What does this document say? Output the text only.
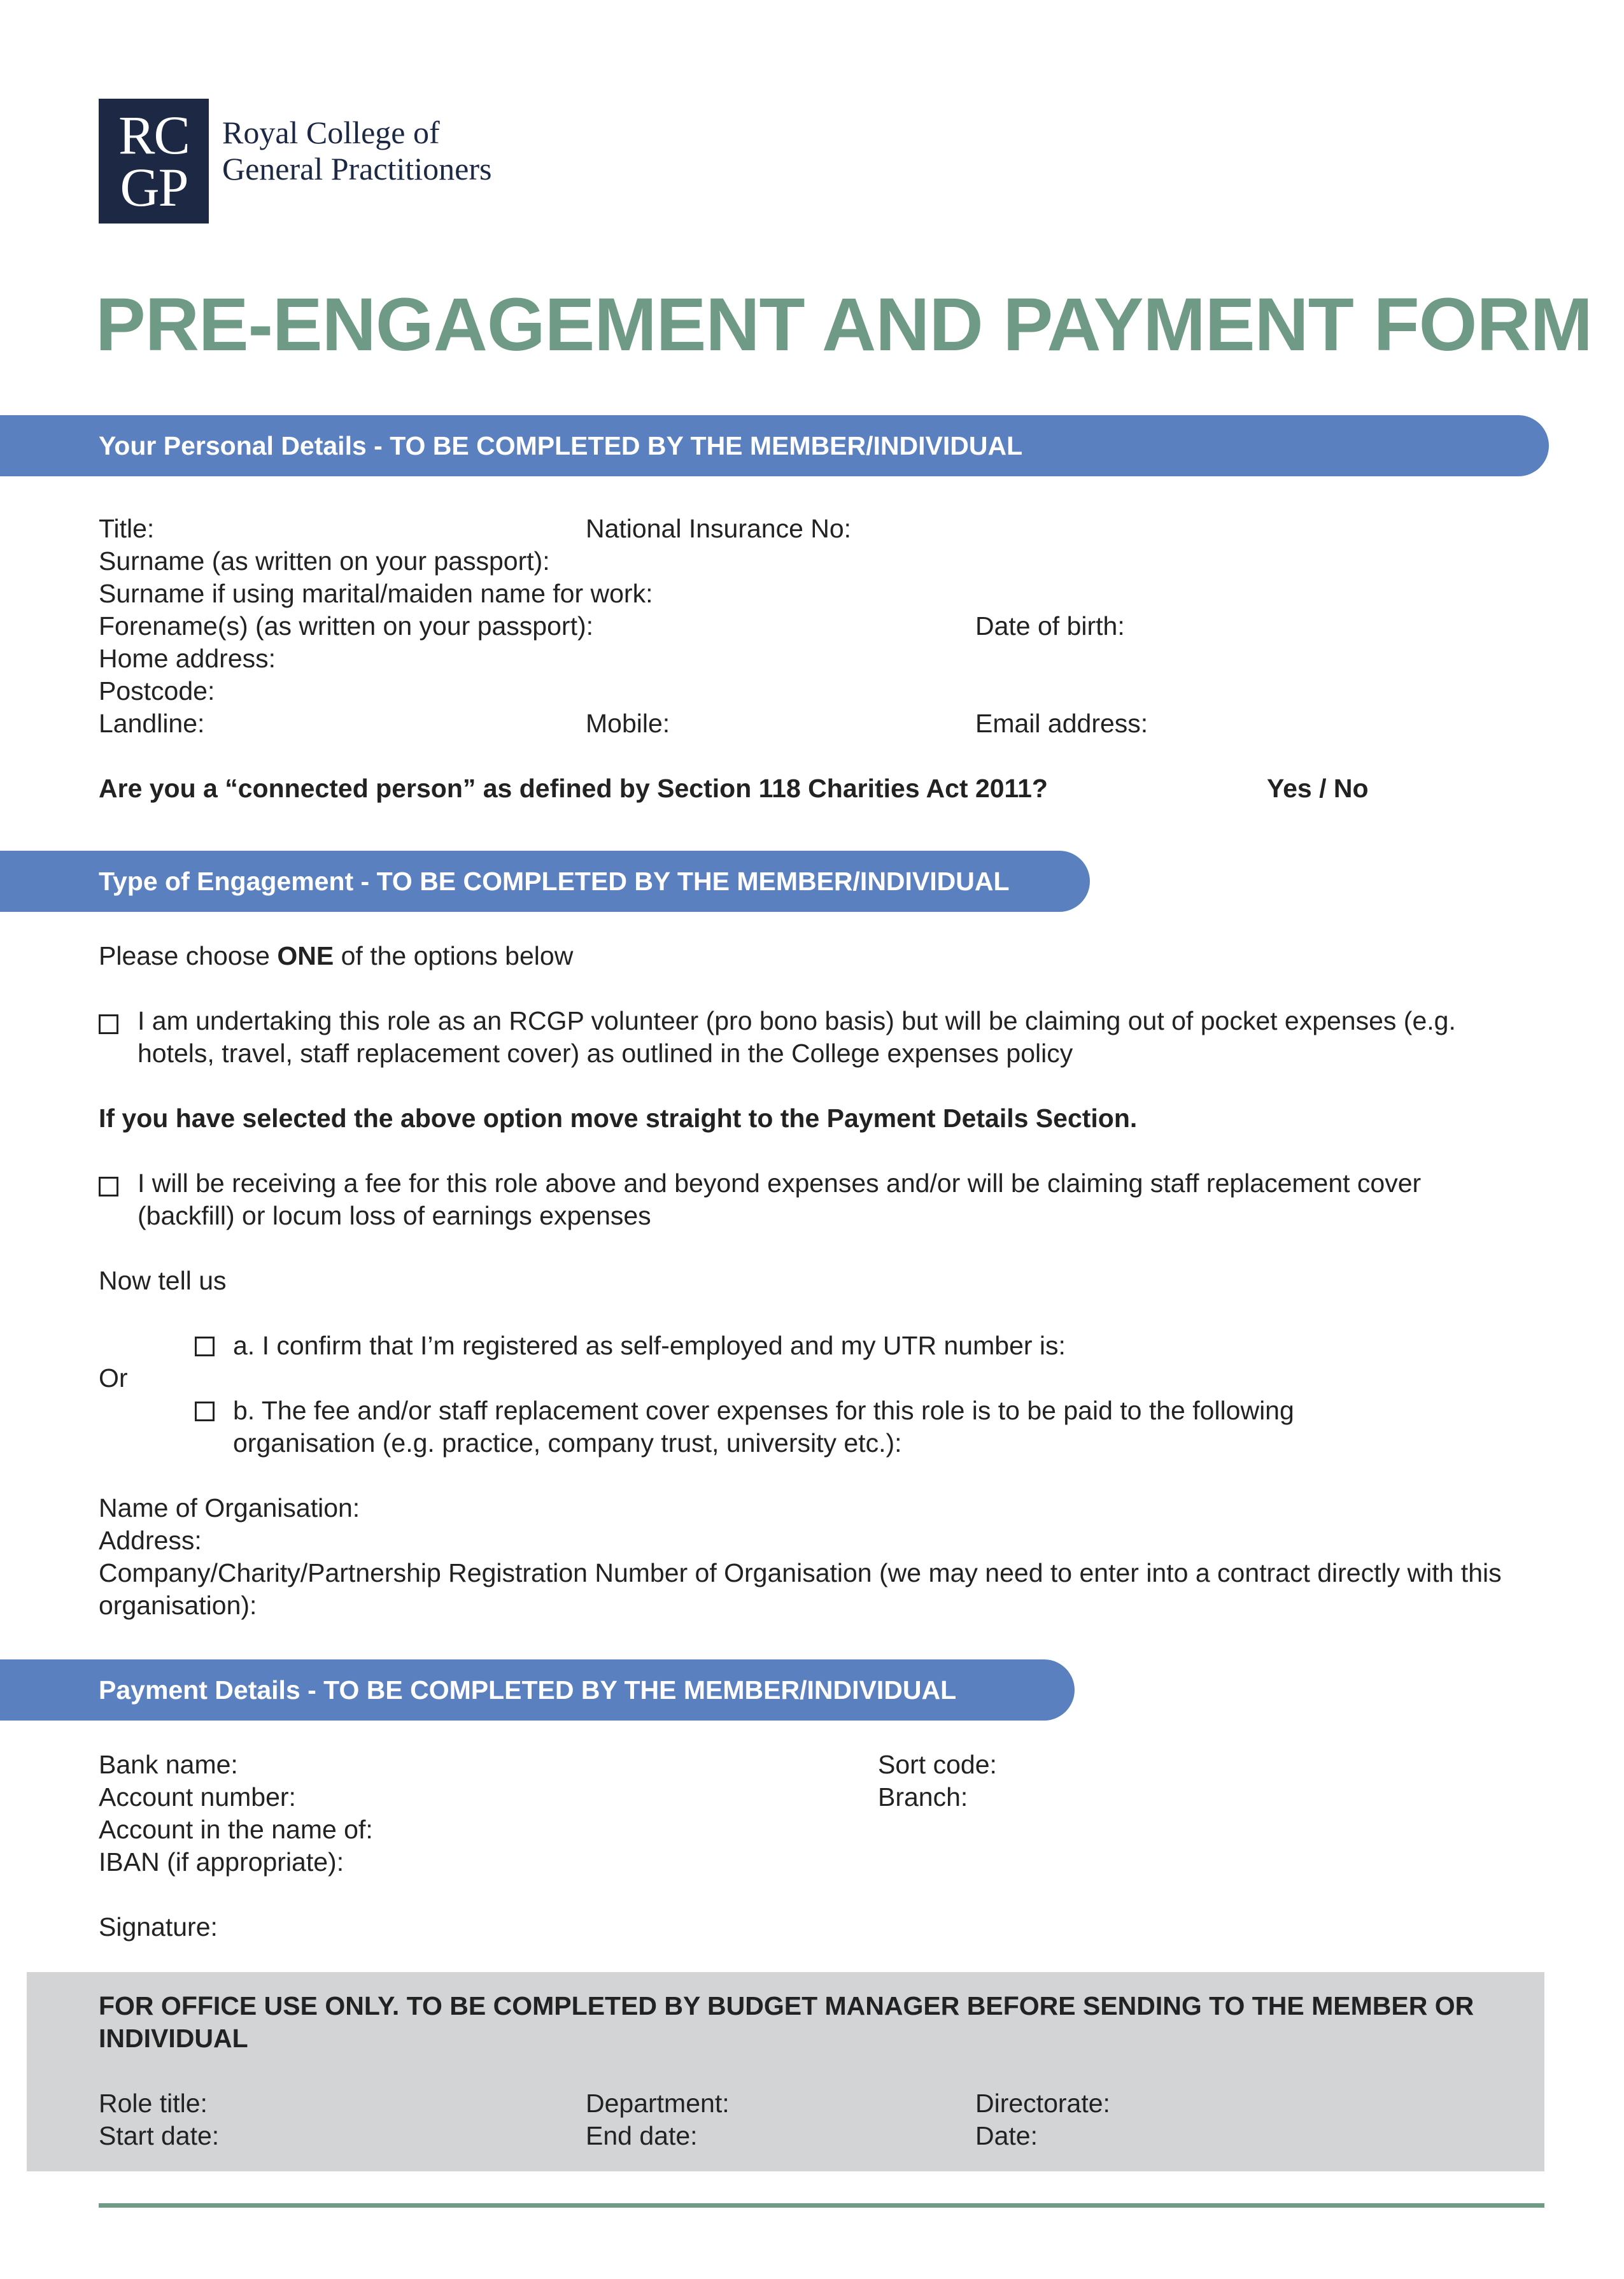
RC
GP
Royal College of
General Practitioners
PRE-ENGAGEMENT AND PAYMENT FORM
Your Personal Details - TO BE COMPLETED BY THE MEMBER/INDIVIDUAL
Title:	National Insurance No:
Surname (as written on your passport):
Surname if using marital/maiden name for work:
Forename(s) (as written on your passport):	Date of birth:
Home address:
Postcode:
Landline:	Mobile:	Email address:
Are you a “connected person” as defined by Section 118 Charities Act 2011?	Yes / No
Type of Engagement - TO BE COMPLETED BY THE MEMBER/INDIVIDUAL
Please choose ONE of the options below
I am undertaking this role as an RCGP volunteer (pro bono basis) but will be claiming out of pocket expenses (e.g.
hotels, travel, staff replacement cover) as outlined in the College expenses policy
If you have selected the above option move straight to the Payment Details Section.
I will be receiving a fee for this role above and beyond expenses and/or will be claiming staff replacement cover
(backfill) or locum loss of earnings expenses
Now tell us
a. I confirm that I’m registered as self-employed and my UTR number is:
Or
b. The fee and/or staff replacement cover expenses for this role is to be paid to the following
organisation (e.g. practice, company trust, university etc.):
Name of Organisation:
Address:
Company/Charity/Partnership Registration Number of Organisation (we may need to enter into a contract directly with this
organisation):
Payment Details - TO BE COMPLETED BY THE MEMBER/INDIVIDUAL
Bank name:	Sort code:
Account number:	Branch:
Account in the name of:
IBAN (if appropriate):
Signature:
FOR OFFICE USE ONLY. TO BE COMPLETED BY BUDGET MANAGER BEFORE SENDING TO THE MEMBER OR
INDIVIDUAL
Role title:	Department:	Directorate:
Start date:	End date:	Date:
